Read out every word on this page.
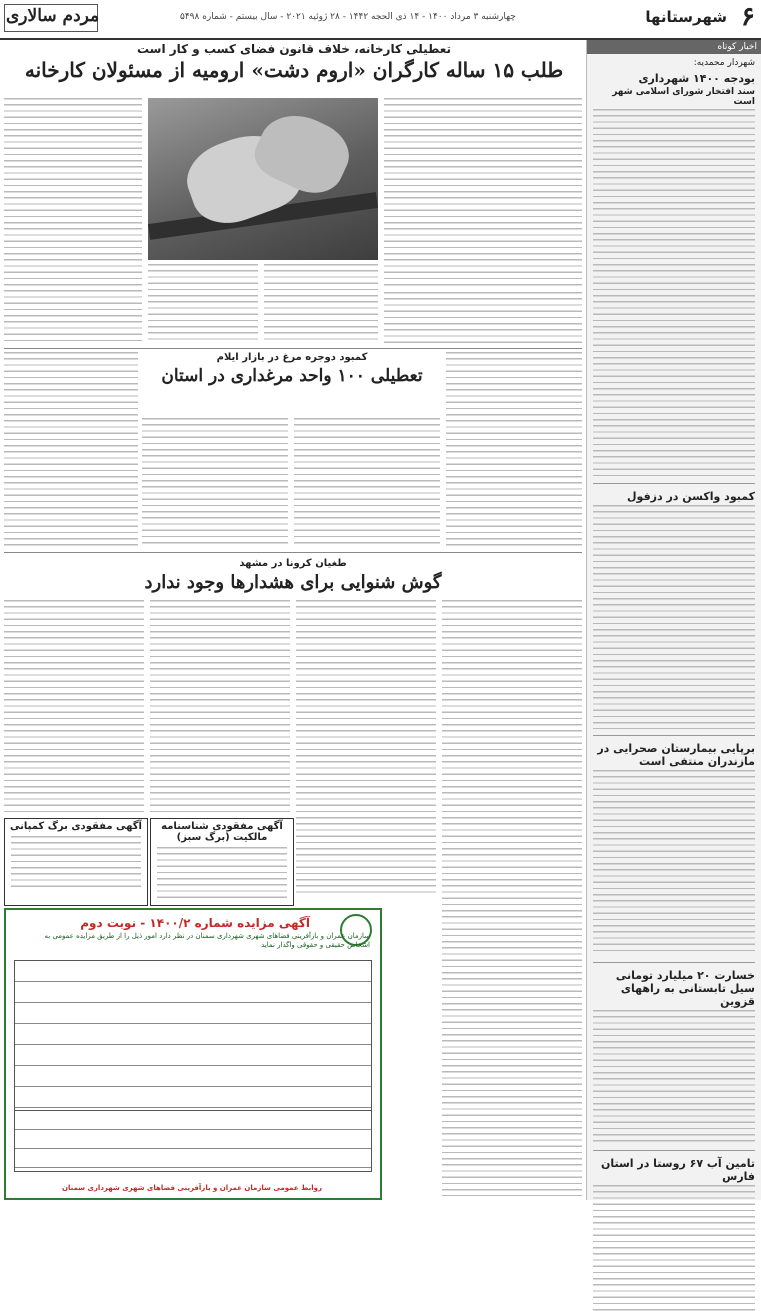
۶
شهرستانها
چهارشنبه ۳ مرداد ۱۴۰۰ - ۱۴ ذی الحجه ۱۴۴۲ - ۲۸ ژوئیه ۲۰۲۱ - سال بیستم - شماره ۵۴۹۸
مردم سالاری
اخبار کوتاه
شهردار محمدیه:
بودجه ۱۴۰۰ شهرداری
سند افتخار شورای اسلامی شهر است
کمبود واکسن در دزفول
برپایی بیمارستان صحرایی در مازندران منتفی است
خسارت ۲۰ میلیارد تومانی سیل تابستانی به راههای قزوین
تامین آب ۶۷ روستا در استان فارس
تعطیلی کارخانه، خلاف قانون فضای کسب و کار است
طلب ۱۵ ساله کارگران «اروم دشت» ارومیه از مسئولان کارخانه
کمبود دوجره مرغ در بازار ایلام
تعطیلی ۱۰۰ واحد مرغداری در استان
طغیان کرونا در مشهد
گوش شنوایی برای هشدارها وجود ندارد
آگهی مفقودی شناسنامه مالکیت (برگ سبز)
آگهی مفقودی برگ کمپانی
آگهی مزایده شماره ۱۴۰۰/۲ - نوبت دوم
سازمان عمران و بازآفرینی فضاهای شهری شهرداری سمنان در نظر دارد امور ذیل را از طریق مزایده عمومی به اشخاص حقیقی و حقوقی واگذار نماید
روابط عمومی سازمان عمران و بازآفرینی فضاهای شهری شهرداری سمنان
